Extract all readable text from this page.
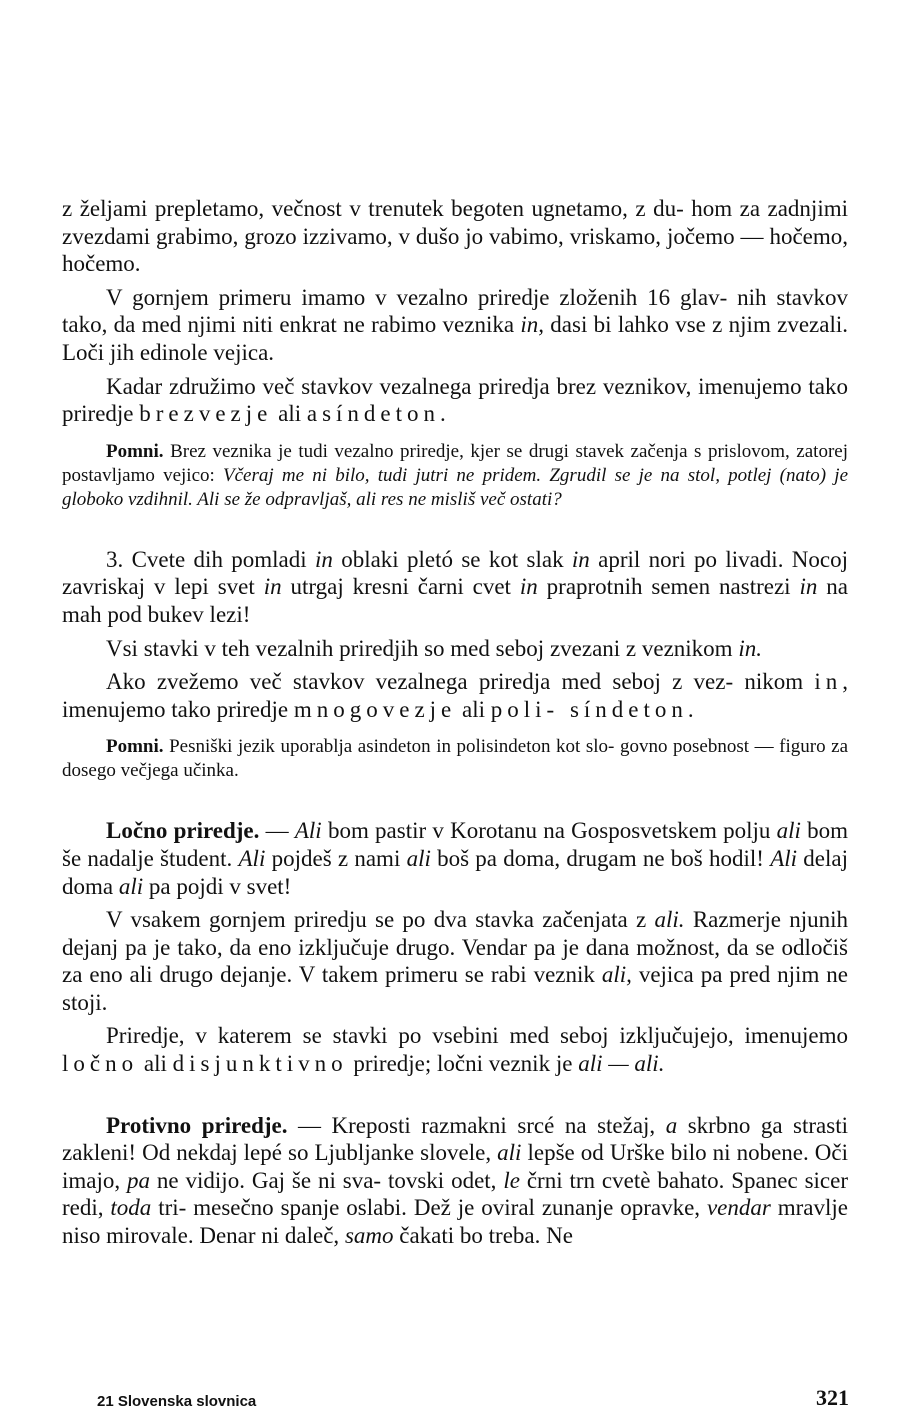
z željami prepletamo, večnost v trenutek begoten ugnetamo, z du- hom za zadnjimi zvezdami grabimo, grozo izzivamo, v dušo jo vabimo, vriskamo, jočemo — hočemo, hočemo.

V gornjem primeru imamo v vezalno priredje zloženih 16 glav- nih stavkov tako, da med njimi niti enkrat ne rabimo veznika in, dasi bi lahko vse z njim zvezali. Loči jih edinole vejica.

Kadar združimo več stavkov vezalnega priredja brez veznikov, imenujemo tako priredje brezvezje ali asíndeton.

Pomni. Brez veznika je tudi vezalno priredje, kjer se drugi stavek začenja s prislovom, zatorej postavljamo vejico: Včeraj me ni bilo, tudi jutri ne pridem. Zgrudil se je na stol, potlej (nato) je globoko vzdihnil. Ali se že odpravljaš, ali res ne misliš več ostati?

3. Cvete dih pomladi in oblaki pletó se kot slak in april nori po livadi. Nocoj zavriskaj v lepi svet in utrgaj kresni čarni cvet in praprotnih semen nastrezi in na mah pod bukev lezi!

Vsi stavki v teh vezalnih priredjih so med seboj zvezani z veznikom in.

Ako zvežemo več stavkov vezalnega priredja med seboj z vez- nikom in, imenujemo tako priredje mnogovezje ali poli- síndeton.

Pomni. Pesniški jezik uporablja asindeton in polisindeton kot slo- govno posebnost — figuro za dosego večjega učinka.

Ločno priredje. — Ali bom pastir v Korotanu na Gosposvetskem polju ali bom še nadalje študent. Ali pojdeš z nami ali boš pa doma, drugam ne boš hodil! Ali delaj doma ali pa pojdi v svet!

V vsakem gornjem priredju se po dva stavka začenjata z ali. Razmerje njunih dejanj pa je tako, da eno izključuje drugo. Vendar pa je dana možnost, da se odločiš za eno ali drugo dejanje. V takem primeru se rabi veznik ali, vejica pa pred njim ne stoji.

Priredje, v katerem se stavki po vsebini med seboj izključujejo, imenujemo ločno ali disjunktivno priredje; ločni veznik je ali — ali.

Protivno priredje. — Kreposti razmakni srcé na stežaj, a skrbno ga strasti zakleni! Od nekdaj lepé so Ljubljanke slovele, ali lepše od Urške bilo ni nobene. Oči imajo, pa ne vidijo. Gaj še ni sva- tovski odet, le črni trn cvetè bahato. Spanec sicer redi, toda tri- mesečno spanje oslabi. Dež je oviral zunanje opravke, vendar mravlje niso mirovale. Denar ni daleč, samo čakati bo treba. Ne

21 Slovenska slovnica	321
